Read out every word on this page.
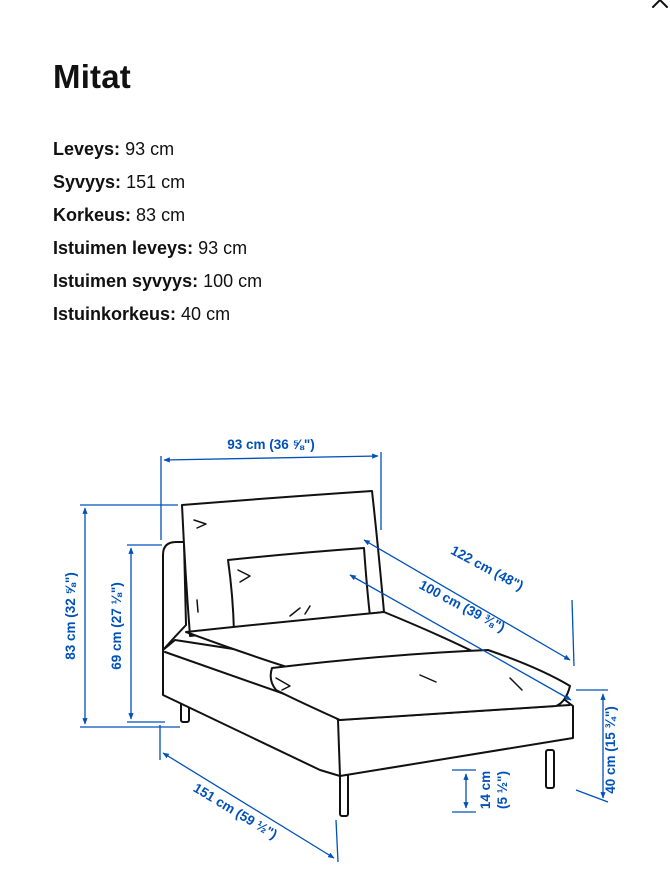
Mitat
Leveys: 93 cm
Syvyys: 151 cm
Korkeus: 83 cm
Istuimen leveys: 93 cm
Istuimen syvyys: 100 cm
Istuinkorkeus: 40 cm
93 cm (36 ⅝")
122 cm (48")
100 cm (39 ⅜")
83 cm (32 ⅝") 69 cm (27 ⅛")
151 cm (59 ½")	14 cm (5 ½")	40 cm (15 ¾")
